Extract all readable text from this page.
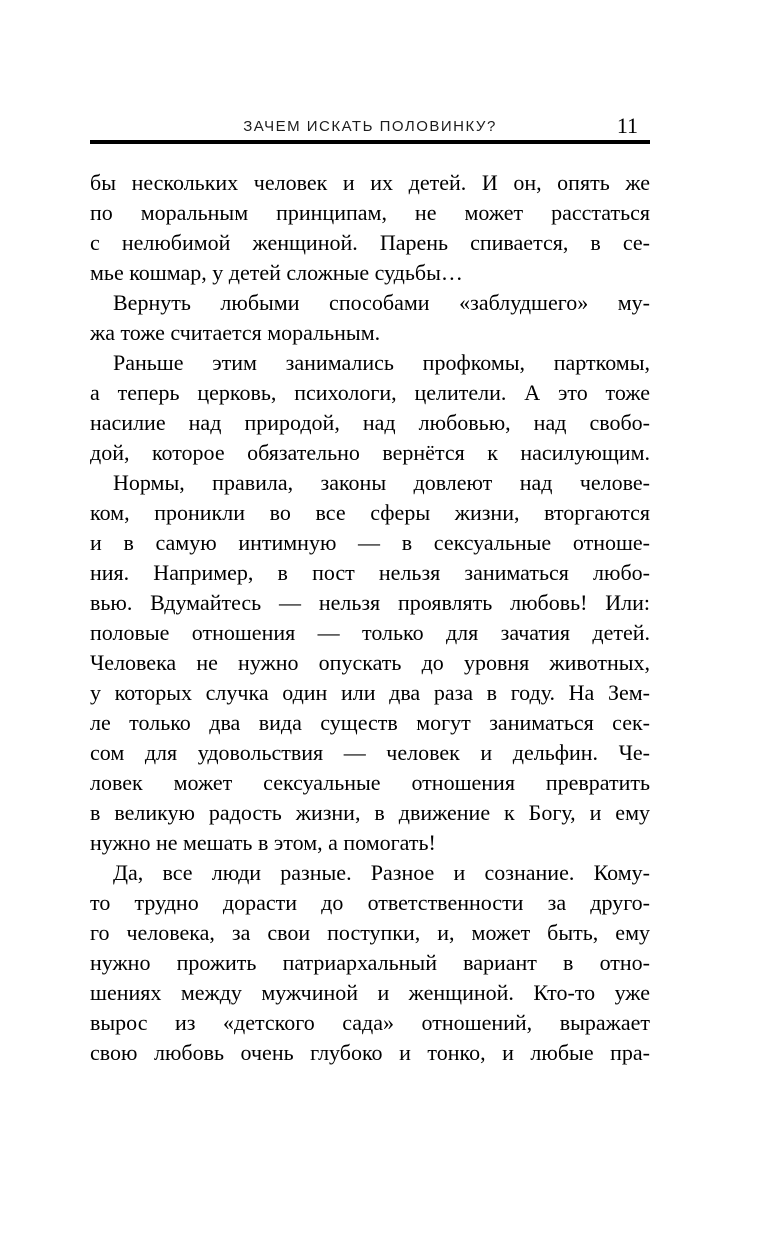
ЗАЧЕМ ИСКАТЬ ПОЛОВИНКУ?	11
бы нескольких человек и их детей. И он, опять же
по моральным принципам, не может расстаться
с нелюбимой женщиной. Парень спивается, в се-
мье кошмар, у детей сложные судьбы…
Вернуть любыми способами «заблудшего» му-
жа тоже считается моральным.
Раньше этим занимались профкомы, парткомы,
а теперь церковь, психологи, целители. А это тоже
насилие над природой, над любовью, над свобо-
дой, которое обязательно вернётся к насилующим.
Нормы, правила, законы довлеют над челове-
ком, проникли во все сферы жизни, вторгаются
и в самую интимную — в сексуальные отноше-
ния. Например, в пост нельзя заниматься любо-
вью. Вдумайтесь — нельзя проявлять любовь! Или:
половые отношения — только для зачатия детей.
Человека не нужно опускать до уровня животных,
у которых случка один или два раза в году. На Зем-
ле только два вида существ могут заниматься сек-
сом для удовольствия — человек и дельфин. Че-
ловек может сексуальные отношения превратить
в великую радость жизни, в движение к Богу, и ему
нужно не мешать в этом, а помогать!
Да, все люди разные. Разное и сознание. Кому-
то трудно дорасти до ответственности за друго-
го человека, за свои поступки, и, может быть, ему
нужно прожить патриархальный вариант в отно-
шениях между мужчиной и женщиной. Кто-то уже
вырос из «детского сада» отношений, выражает
свою любовь очень глубоко и тонко, и любые пра-
